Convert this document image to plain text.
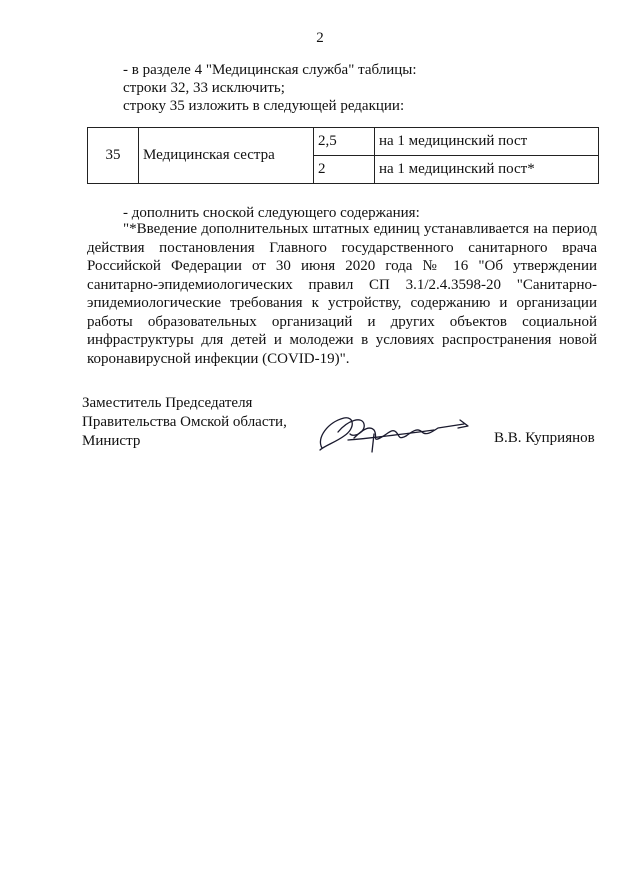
2
- в разделе 4 "Медицинская служба" таблицы:
строки 32, 33 исключить;
строку 35 изложить в следующей редакции:
35	Медицинская сестра	2,5	на 1 медицинский пост
		2	на 1 медицинский пост*
- дополнить сноской следующего содержания:
"*Введение дополнительных штатных единиц устанавливается на период действия постановления Главного государственного санитарного врача Российской Федерации от 30 июня 2020 года № 16 "Об утверждении санитарно-эпидемиологических правил СП 3.1/2.4.3598-20 "Санитарно-эпидемиологические требования к устройству, содержанию и организации работы образовательных организаций и других объектов социальной инфраструктуры для детей и молодежи в условиях распространения новой коронавирусной инфекции (COVID-19)".
Заместитель Председателя
Правительства Омской области,
Министр	В.В. Куприянов
